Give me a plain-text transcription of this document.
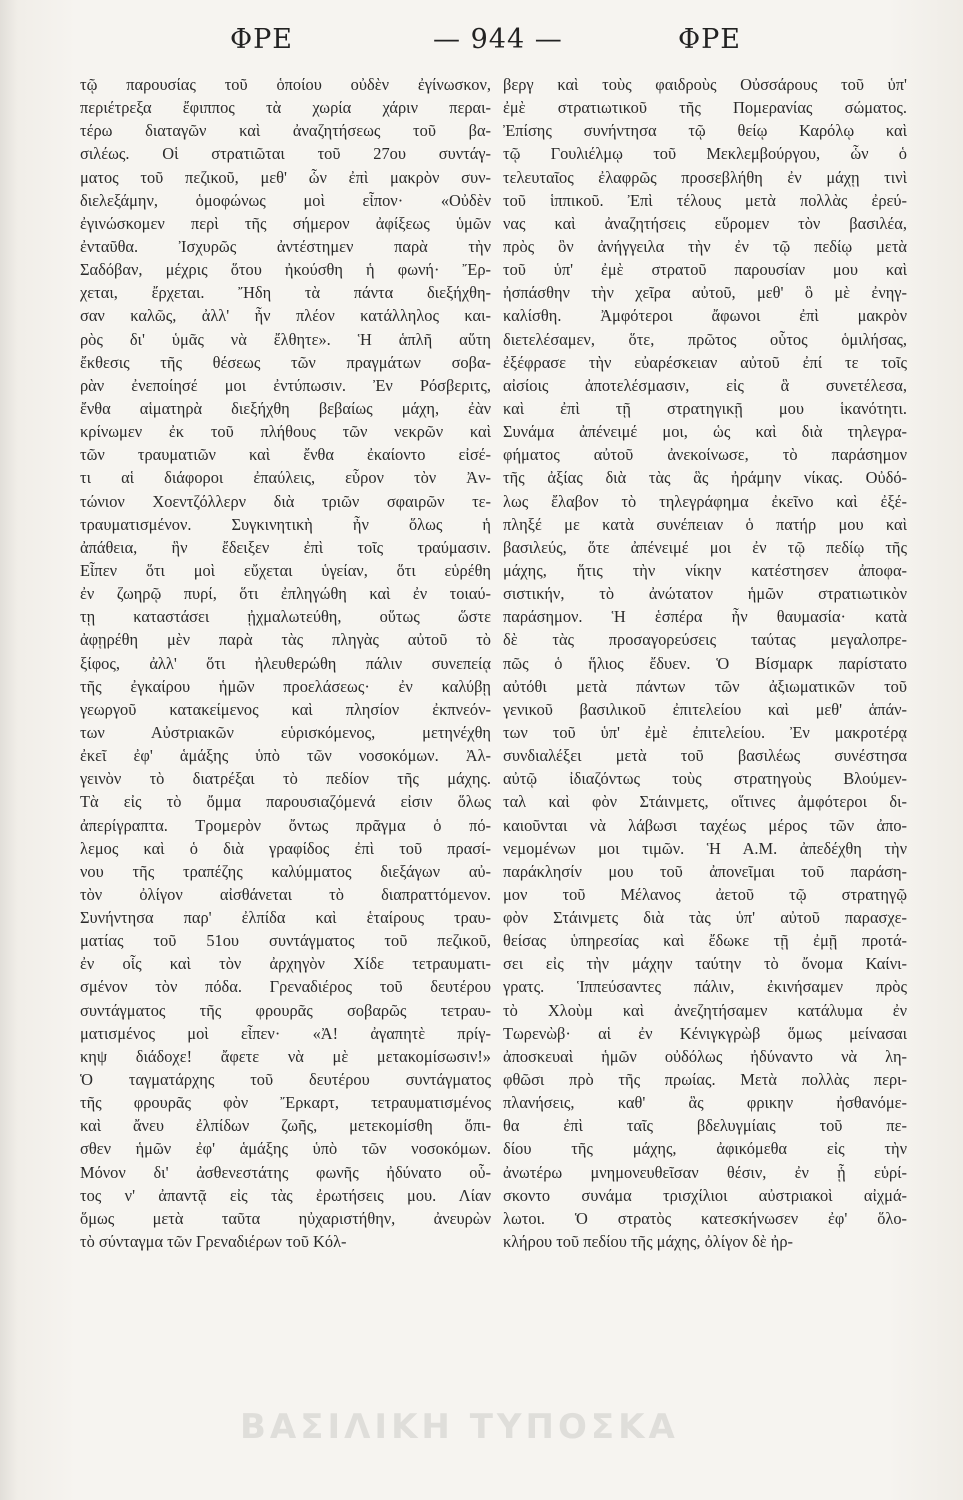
ΦΡΕ	— 944 —	ΦΡΕ
τῷ παρουσίας τοῦ ὁποίου οὐδὲν ἐγίνωσκον,
περιέτρεξα ἔφιππος τὰ χωρία χάριν περαι-
τέρω διαταγῶν καὶ ἀναζητήσεως τοῦ βα-
σιλέως. Οἱ στρατιῶται τοῦ 27ου συντάγ-
ματος τοῦ πεζικοῦ, μεθ' ὧν ἐπὶ μακρὸν συν-
διελεξάμην, ὁμοφώνως μοὶ εἶπον· «Οὐδὲν
ἐγινώσκομεν περὶ τῆς σήμερον ἀφίξεως ὑμῶν
ἐνταῦθα. Ἰσχυρῶς ἀντέστημεν παρὰ τὴν
Σαδόβαν, μέχρις ὅτου ἠκούσθη ἡ φωνή· Ἔρ-
χεται, ἔρχεται. Ἤδη τὰ πάντα διεξήχθη-
σαν καλῶς, ἀλλ' ἦν πλέον κατάλληλος και-
ρὸς δι' ὑμᾶς νὰ ἔλθητε». Ἡ ἁπλῆ αὕτη
ἔκθεσις τῆς θέσεως τῶν πραγμάτων σοβα-
ρὰν ἐνεποίησέ μοι ἐντύπωσιν. Ἐν Ρόσβεριτς,
ἔνθα αἱματηρὰ διεξήχθη βεβαίως μάχη, ἐὰν
κρίνωμεν ἐκ τοῦ πλήθους τῶν νεκρῶν καὶ
τῶν τραυματιῶν καὶ ἔνθα ἐκαίοντο εἰσέ-
τι αἱ διάφοροι ἐπαύλεις, εὗρον τὸν Ἀν-
τώνιον Χοεντζόλλερν διὰ τριῶν σφαιρῶν τε-
τραυματισμένον. Συγκινητικὴ ἦν ὅλως ἡ
ἀπάθεια, ἣν ἔδειξεν ἐπὶ τοῖς τραύμασιν.
Εἶπεν ὅτι μοὶ εὔχεται ὑγείαν, ὅτι εὑρέθη
ἐν ζωηρῷ πυρί, ὅτι ἐπληγώθη καὶ ἐν τοιαύ-
τῃ καταστάσει ᾐχμαλωτεύθη, οὕτως ὥστε
ἀφῃρέθη μὲν παρὰ τὰς πληγὰς αὐτοῦ τὸ
ξίφος, ἀλλ' ὅτι ἠλευθερώθη πάλιν συνεπείᾳ
τῆς ἐγκαίρου ἡμῶν προελάσεως· ἐν καλύβῃ
γεωργοῦ κατακείμενος καὶ πλησίον ἐκπνεόν-
των Αὐστριακῶν εὑρισκόμενος, μετηνέχθη
ἐκεῖ ἐφ' ἁμάξης ὑπὸ τῶν νοσοκόμων. Ἀλ-
γεινὸν τὸ διατρέξαι τὸ πεδίον τῆς μάχης.
Τὰ εἰς τὸ ὄμμα παρουσιαζόμενά εἰσιν ὅλως
ἀπερίγραπτα. Τρομερὸν ὄντως πρᾶγμα ὁ πό-
λεμος καὶ ὁ διὰ γραφίδος ἐπὶ τοῦ πρασί-
νου τῆς τραπέζης καλύμματος διεξάγων αὐ-
τὸν ὀλίγον αἰσθάνεται τὸ διαπραττόμενον.
Συνήντησα παρ' ἐλπίδα καὶ ἑταίρους τραυ-
ματίας τοῦ 51ου συντάγματος τοῦ πεζικοῦ,
ἐν οἷς καὶ τὸν ἀρχηγὸν Χίδε τετραυματι-
σμένον τὸν πόδα. Γρεναδιέρος τοῦ δευτέρου
συντάγματος τῆς φρουρᾶς σοβαρῶς τετραυ-
ματισμένος μοὶ εἶπεν· «Ἀ! ἀγαπητὲ πρίγ-
κηψ διάδοχε! ἄφετε νὰ μὲ μετακομίσωσιν!»
Ὁ ταγματάρχης τοῦ δευτέρου συντάγματος
τῆς φρουρᾶς φὸν Ἔρκαρτ, τετραυματισμένος
καὶ ἄνευ ἐλπίδων ζωῆς, μετεκομίσθη ὄπι-
σθεν ἡμῶν ἐφ' ἁμάξης ὑπὸ τῶν νοσοκόμων.
Μόνον δι' ἀσθενεστάτης φωνῆς ἠδύνατο οὗ-
τος ν' ἀπαντᾷ εἰς τὰς ἐρωτήσεις μου. Λίαν
ὅμως μετὰ ταῦτα ηὐχαριστήθην, ἀνευρὼν
τὸ σύνταγμα τῶν Γρεναδιέρων τοῦ Κόλ-
βεργ καὶ τοὺς φαιδροὺς Οὐσσάρους τοῦ ὑπ'
ἐμὲ στρατιωτικοῦ τῆς Πομερανίας σώματος.
Ἐπίσης συνήντησα τῷ θείῳ Καρόλῳ καὶ
τῷ Γουλιέλμῳ τοῦ Μεκλεμβούργου, ὧν ὁ
τελευταῖος ἐλαφρῶς προσεβλήθη ἐν μάχῃ τινὶ
τοῦ ἱππικοῦ. Ἐπὶ τέλους μετὰ πολλὰς ἐρεύ-
νας καὶ ἀναζητήσεις εὕρομεν τὸν βασιλέα,
πρὸς ὃν ἀνήγγειλα τὴν ἐν τῷ πεδίῳ μετὰ
τοῦ ὑπ' ἐμὲ στρατοῦ παρουσίαν μου καὶ
ἠσπάσθην τὴν χεῖρα αὐτοῦ, μεθ' ὃ μὲ ἐνηγ-
καλίσθη. Ἀμφότεροι ἄφωνοι ἐπὶ μακρὸν
διετελέσαμεν, ὅτε, πρῶτος οὗτος ὁμιλήσας,
ἐξέφρασε τὴν εὐαρέσκειαν αὐτοῦ ἐπί τε τοῖς
αἰσίοις ἀποτελέσμασιν, εἰς ἃ συνετέλεσα,
καὶ ἐπὶ τῇ στρατηγικῇ μου ἱκανότητι.
Συνάμα ἀπένειμέ μοι, ὡς καὶ διὰ τηλεγρα-
φήματος αὐτοῦ ἀνεκοίνωσε, τὸ παράσημον
τῆς ἀξίας διὰ τὰς ἃς ἠράμην νίκας. Οὐδό-
λως ἔλαβον τὸ τηλεγράφημα ἐκεῖνο καὶ ἐξέ-
πληξέ με κατὰ συνέπειαν ὁ πατήρ μου καὶ
βασιλεύς, ὅτε ἀπένειμέ μοι ἐν τῷ πεδίῳ τῆς
μάχης, ἥτις τὴν νίκην κατέστησεν ἀποφα-
σιστικήν, τὸ ἀνώτατον ἡμῶν στρατιωτικὸν
παράσημον. Ἡ ἑσπέρα ἦν θαυμασία· κατὰ
δὲ τὰς προσαγορεύσεις ταύτας μεγαλοπρε-
πῶς ὁ ἥλιος ἔδυεν. Ὁ Βίσμαρκ παρίστατο
αὐτόθι μετὰ πάντων τῶν ἀξιωματικῶν τοῦ
γενικοῦ βασιλικοῦ ἐπιτελείου καὶ μεθ' ἁπάν-
των τοῦ ὑπ' ἐμὲ ἐπιτελείου. Ἐν μακροτέρᾳ
συνδιαλέξει μετὰ τοῦ βασιλέως συνέστησα
αὐτῷ ἰδιαζόντως τοὺς στρατηγοὺς Βλούμεν-
ταλ καὶ φὸν Στάινμετς, οἵτινες ἀμφότεροι δι-
καιοῦνται νὰ λάβωσι ταχέως μέρος τῶν ἀπο-
νεμομένων μοι τιμῶν. Ἡ Α.Μ. ἀπεδέχθη τὴν
παράκλησίν μου τοῦ ἀπονεῖμαι τοῦ παράση-
μον τοῦ Μέλανος ἀετοῦ τῷ στρατηγῷ
φὸν Στάινμετς διὰ τὰς ὑπ' αὐτοῦ παρασχε-
θείσας ὑπηρεσίας καὶ ἔδωκε τῇ ἐμῇ προτά-
σει εἰς τὴν μάχην ταύτην τὸ ὄνομα Καίνι-
γρατς. Ἱππεύσαντες πάλιν, ἐκινήσαμεν πρὸς
τὸ Χλοὺμ καὶ ἀνεζητήσαμεν κατάλυμα ἐν
Τωρενὼβ· αἱ ἐν Κένιγκγρὼβ ὅμως μείνασαι
ἀποσκευαὶ ἡμῶν οὐδόλως ἠδύναντο νὰ λη-
φθῶσι πρὸ τῆς πρωίας. Μετὰ πολλὰς περι-
πλανήσεις, καθ' ἃς φρικην ἠσθανόμε-
θα ἐπὶ ταῖς βδελυγμίαις τοῦ πε-
δίου τῆς μάχης, ἀφικόμεθα εἰς τὴν
ἀνωτέρω μνημονευθεῖσαν θέσιν, ἐν ᾗ εὑρί-
σκοντο συνάμα τρισχίλιοι αὐστριακοὶ αἰχμά-
λωτοι. Ὁ στρατὸς κατεσκήνωσεν ἐφ' ὅλο-
κλήρου τοῦ πεδίου τῆς μάχης, ὀλίγον δὲ ἠρ-
ΒΑΣΙΛΙΚΗ ΤΥΠΟΣΚΑ
